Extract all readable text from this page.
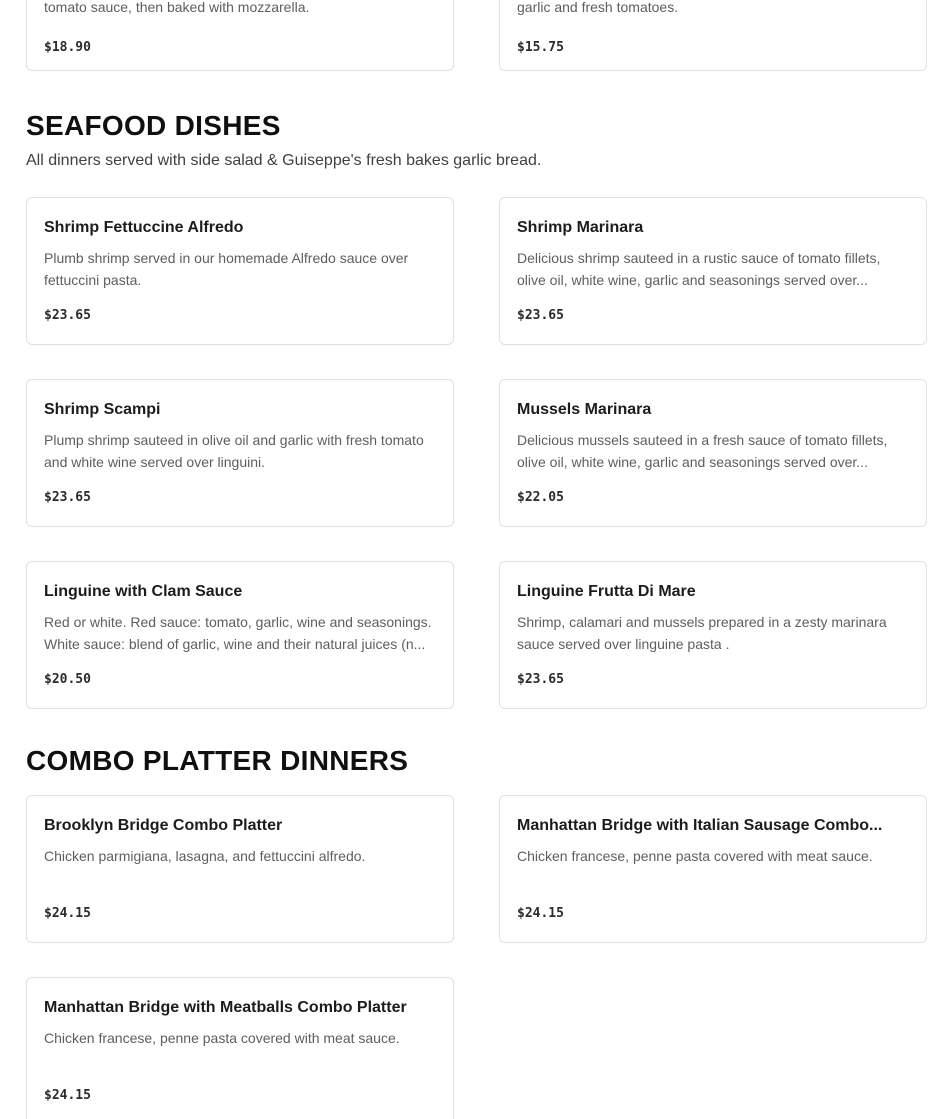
tomato sauce, then baked with mozzarella.

$18.90

garlic and fresh tomatoes.

$15.75
SEAFOOD DISHES

All dinners served with side salad & Guiseppe's fresh bakes garlic bread.

Shrimp Fettuccine Alfredo

Plumb shrimp served in our homemade Alfredo sauce over fettuccini pasta.

$23.65
Shrimp Marinara

Delicious shrimp sauteed in a rustic sauce of tomato fillets, olive oil, white wine, garlic and seasonings served over...

$23.65
Shrimp Scampi

Plump shrimp sauteed in olive oil and garlic with fresh tomato and white wine served over linguini.

$23.65
Mussels Marinara

Delicious mussels sauteed in a fresh sauce of tomato fillets, olive oil, white wine, garlic and seasonings served over...

$22.05
Linguine with Clam Sauce

Red or white. Red sauce: tomato, garlic, wine and seasonings. White sauce: blend of garlic, wine and their natural juices (n...

$20.50
Linguine Frutta Di Mare

Shrimp, calamari and mussels prepared in a zesty marinara sauce served over linguine pasta .

$23.65
COMBO PLATTER DINNERS
Brooklyn Bridge Combo Platter

Chicken parmigiana, lasagna, and fettuccini alfredo.

$24.15
Manhattan Bridge with Italian Sausage Combo...

Chicken francese, penne pasta covered with meat sauce.

$24.15
Manhattan Bridge with Meatballs Combo Platter

Chicken francese, penne pasta covered with meat sauce.

$24.15
